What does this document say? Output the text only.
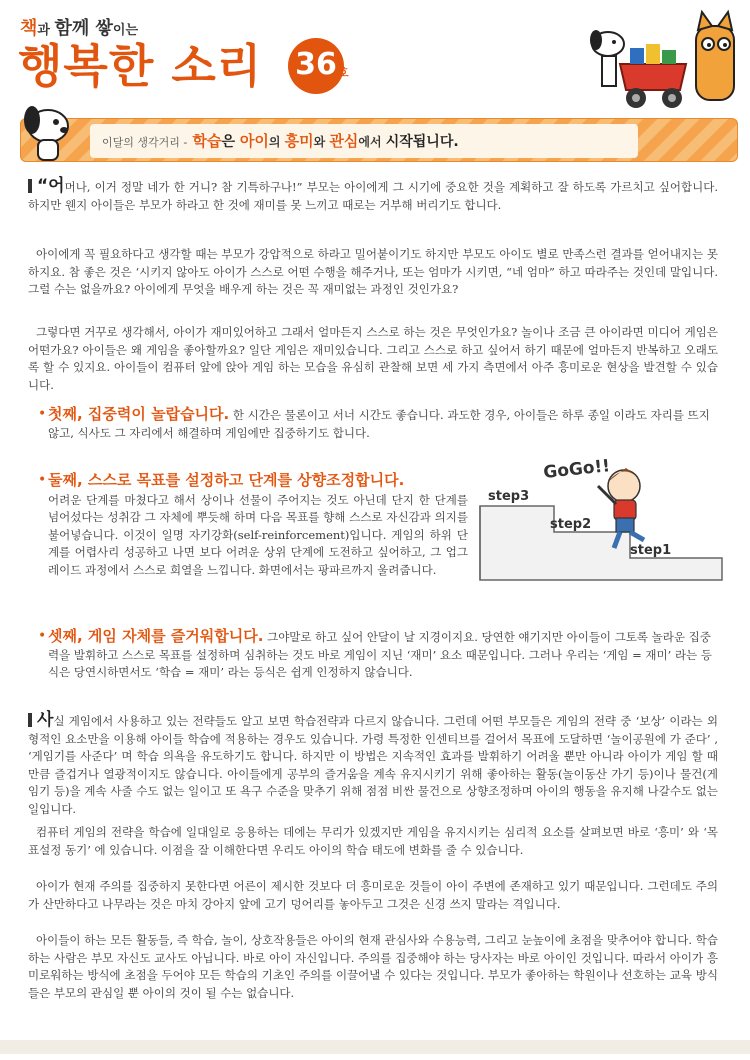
책과 함께 쌓이는
행복한 소리 36 호
이달의 생각거리 - 학습은 아이의 흥미와 관심에서 시작됩니다.
“어머나, 이거 정말 네가 한 거니? 참 기특하구나!” 부모는 아이에게 그 시기에 중요한 것을 계획하고 잘 하도록 가르치고 싶어합니다. 하지만 웬지 아이들은 부모가 하라고 한 것에 재미를 못 느끼고 때로는 거부해 버리기도 합니다.
아이에게 꼭 필요하다고 생각할 때는 부모가 강압적으로 하라고 밀어붙이기도 하지만 부모도 아이도 별로 만족스런 결과를 얻어내지는 못하지요. 참 좋은 것은 ‘시키지 않아도 아이가 스스로 어떤 수행을 해주거나, 또는 엄마가 시키면, “네 엄마” 하고 따라주는 것인데 말입니다. 그럴 수는 없을까요? 아이에게 무엇을 배우게 하는 것은 꼭 재미없는 과정인 것인가요?
그렇다면 거꾸로 생각해서, 아이가 재미있어하고 그래서 얼마든지 스스로 하는 것은 무엇인가요? 놀이나 조금 큰 아이라면 미디어 게임은 어떤가요? 아이들은 왜 게임을 좋아할까요? 일단 게임은 재미있습니다. 그리고 스스로 하고 싶어서 하기 때문에 얼마든지 반복하고 오래도록 할 수 있지요. 아이들이 컴퓨터 앞에 앉아 게임 하는 모습을 유심히 관찰해 보면 세 가지 측면에서 아주 흥미로운 현상을 발견할 수 있습니다.
• 첫째, 집중력이 놀랍습니다. 한 시간은 물론이고 서너 시간도 좋습니다. 과도한 경우, 아이들은 하루 종일 이라도 자리를 뜨지 않고, 식사도 그 자리에서 해결하며 게임에만 집중하기도 합니다.
• 둘째, 스스로 목표를 설정하고 단계를 상향조정합니다.
어려운 단계를 마쳤다고 해서 상이나 선물이 주어지는 것도 아닌데 단지 한 단계를 넘어섰다는 성취감 그 자체에 뿌듯해 하며 다음 목표를 향해 스스로 자신감과 의지를 불어넣습니다. 이것이 일명 자기강화(self-reinforcement)입니다. 게임의 하위 단계를 어렵사리 성공하고 나면 보다 어려운 상위 단계에 도전하고 싶어하고, 그 업그레이드 과정에서 스스로 희열을 느낍니다. 화면에서는 팡파르까지 울려줍니다.
step3
step2
step1
GoGo!!
• 셋째, 게임 자체를 즐거워합니다. 그야말로 하고 싶어 안달이 날 지경이지요. 당연한 얘기지만 아이들이 그토록 놀라운 집중력을 발휘하고 스스로 목표를 설정하며 심취하는 것도 바로 게임이 지닌 ‘재미’ 요소 때문입니다. 그러나 우리는 ‘게임 = 재미’ 라는 등식은 당연시하면서도 ‘학습 = 재미’ 라는 등식은 쉽게 인정하지 않습니다.
사실 게임에서 사용하고 있는 전략들도 알고 보면 학습전략과 다르지 않습니다. 그런데 어떤 부모들은 게임의 전략 중 ‘보상’ 이라는 외형적인 요소만을 이용해 아이들 학습에 적용하는 경우도 있습니다. 가령 특정한 인센티브를 걸어서 목표에 도달하면 ‘놀이공원에 가 준다’ , ‘게임기를 사준다’ 며 학습 의욕을 유도하기도 합니다. 하지만 이 방법은 지속적인 효과를 발휘하기 어려울 뿐만 아니라 아이가 게임 할 때만큼 즐겁거나 열광적이지도 않습니다. 아이들에게 공부의 즐거움을 계속 유지시키기 위해 좋아하는 활동(놀이동산 가기 등)이나 물건(게임기 등)을 계속 사줄 수도 없는 일이고 또 욕구 수준을 맞추기 위해 점점 비싼 물건으로 상향조정하며 아이의 행동을 유지해 나갈수도 없는 일입니다.
컴퓨터 게임의 전략을 학습에 일대일로 응용하는 데에는 무리가 있겠지만 게임을 유지시키는 심리적 요소를 살펴보면 바로 ‘흥미’ 와 ‘목표설정 동기’ 에 있습니다. 이점을 잘 이해한다면 우리도 아이의 학습 태도에 변화를 줄 수 있습니다.
아이가 현재 주의를 집중하지 못한다면 어른이 제시한 것보다 더 흥미로운 것들이 아이 주변에 존재하고 있기 때문입니다. 그런데도 주의가 산만하다고 나무라는 것은 마치 강아지 앞에 고기 덩어리를 놓아두고 그것은 신경 쓰지 말라는 격입니다.
아이들이 하는 모든 활동들, 즉 학습, 놀이, 상호작용들은 아이의 현재 관심사와 수용능력, 그리고 눈높이에 초점을 맞추어야 합니다. 학습하는 사람은 부모 자신도 교사도 아닙니다. 바로 아이 자신입니다. 주의를 집중해야 하는 당사자는 바로 아이인 것입니다. 따라서 아이가 흥미로워하는 방식에 초점을 두어야 모든 학습의 기초인 주의를 이끌어낼 수 있다는 것입니다. 부모가 좋아하는 학원이나 선호하는 교육 방식들은 부모의 관심일 뿐 아이의 것이 될 수는 없습니다.
